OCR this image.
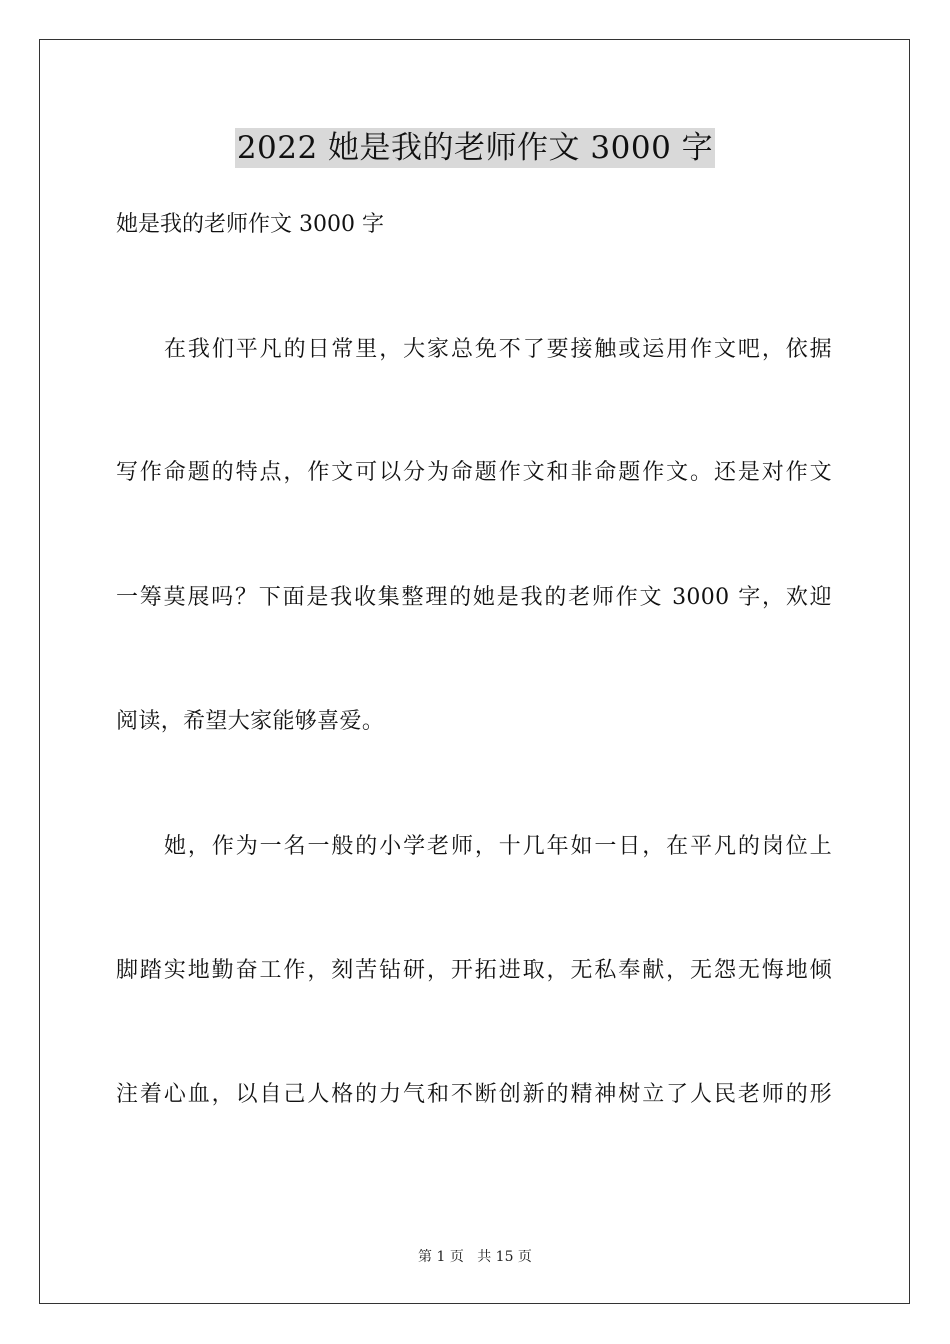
2022 她是我的老师作文 3000 字
她是我的老师作文 3000 字
在我们平凡的日常里，大家总免不了要接触或运用作文吧，依据
写作命题的特点，作文可以分为命题作文和非命题作文。还是对作文
一筹莫展吗？下面是我收集整理的她是我的老师作文 3000 字，欢迎
阅读，希望大家能够喜爱。
她，作为一名一般的小学老师，十几年如一日，在平凡的岗位上
脚踏实地勤奋工作，刻苦钻研，开拓进取，无私奉献，无怨无悔地倾
注着心血，以自己人格的力气和不断创新的精神树立了人民老师的形
第 1 页 共 15 页
